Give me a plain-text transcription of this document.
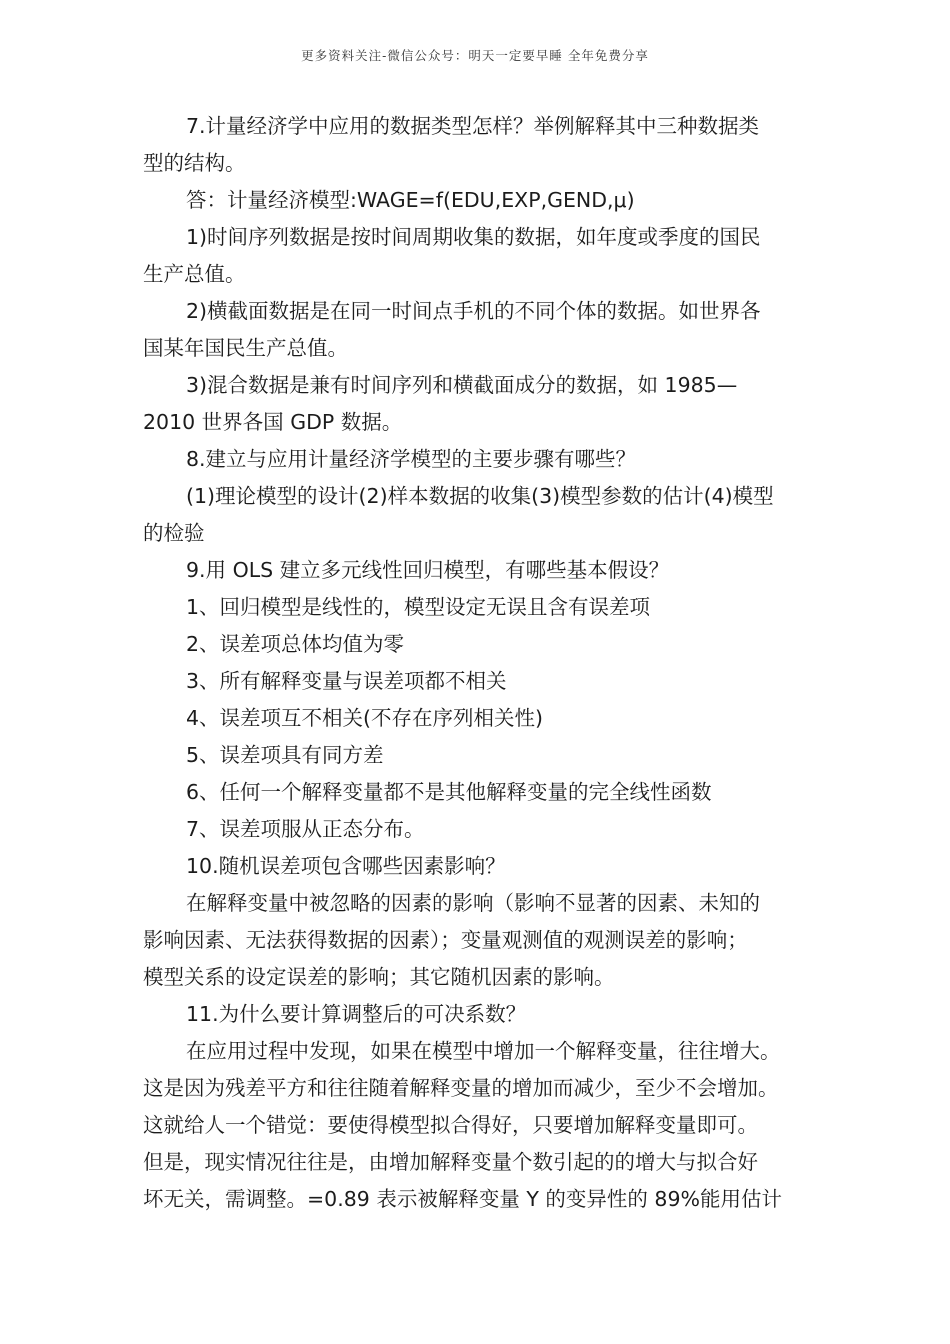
更多资料关注-微信公众号：明天一定要早睡 全年免费分享
7.计量经济学中应用的数据类型怎样？举例解释其中三种数据类
型的结构。
答：计量经济模型:WAGE=f(EDU,EXP,GEND,μ)
1)时间序列数据是按时间周期收集的数据，如年度或季度的国民
生产总值。
2)横截面数据是在同一时间点手机的不同个体的数据。如世界各
国某年国民生产总值。
3)混合数据是兼有时间序列和横截面成分的数据，如 1985—
2010 世界各国 GDP 数据。
8.建立与应用计量经济学模型的主要步骤有哪些？
(1)理论模型的设计(2)样本数据的收集(3)模型参数的估计(4)模型
的检验
9.用 OLS 建立多元线性回归模型，有哪些基本假设？
1、回归模型是线性的，模型设定无误且含有误差项
2、误差项总体均值为零
3、所有解释变量与误差项都不相关
4、误差项互不相关(不存在序列相关性)
5、误差项具有同方差
6、任何一个解释变量都不是其他解释变量的完全线性函数
7、误差项服从正态分布。
10.随机误差项包含哪些因素影响？
在解释变量中被忽略的因素的影响（影响不显著的因素、未知的
影响因素、无法获得数据的因素）；变量观测值的观测误差的影响；
模型关系的设定误差的影响；其它随机因素的影响。
11.为什么要计算调整后的可决系数？
在应用过程中发现，如果在模型中增加一个解释变量，往往增大。
这是因为残差平方和往往随着解释变量的增加而减少，至少不会增加。
这就给人一个错觉：要使得模型拟合得好，只要增加解释变量即可。
但是，现实情况往往是，由增加解释变量个数引起的的增大与拟合好
坏无关，需调整。=0.89 表示被解释变量 Y 的变异性的 89%能用估计
